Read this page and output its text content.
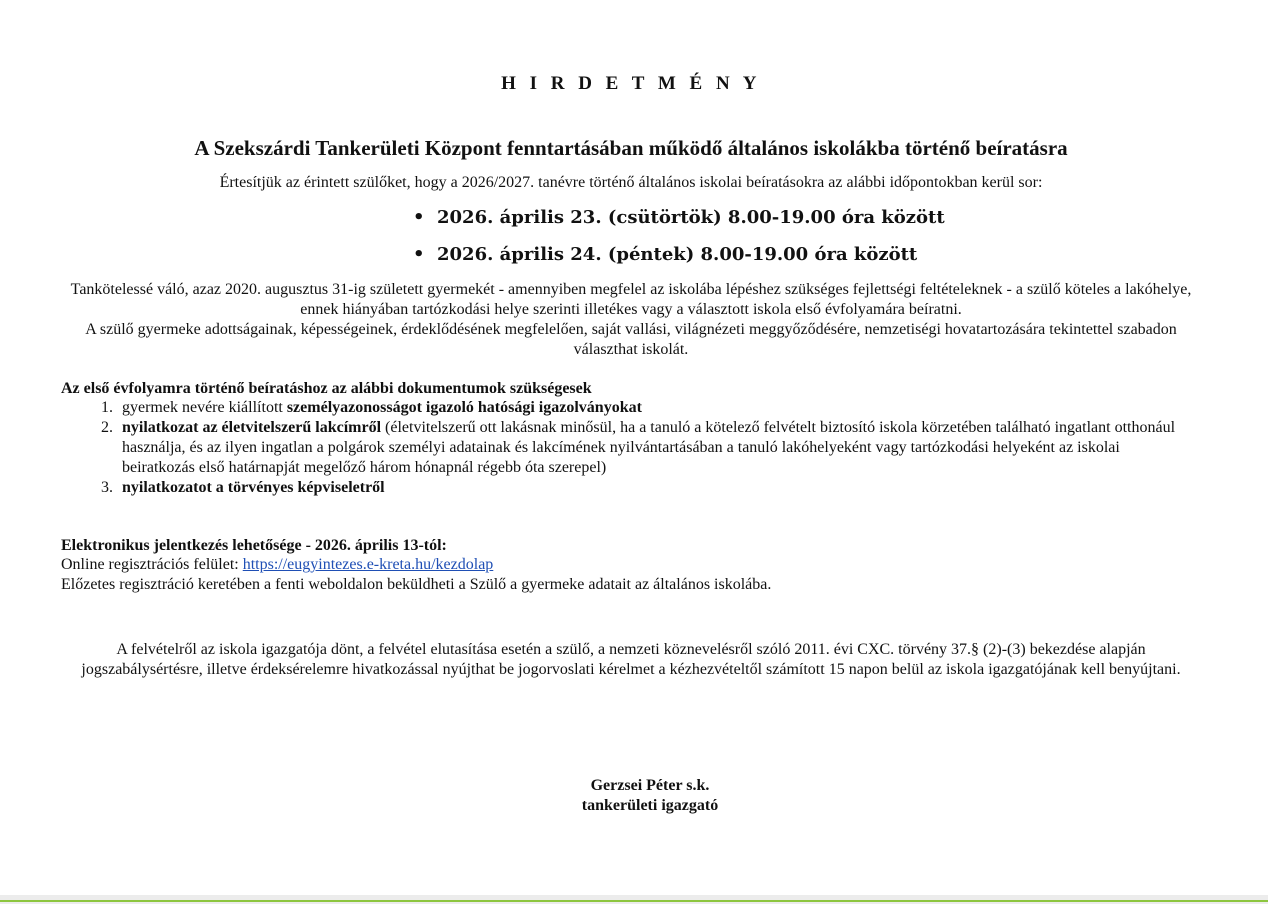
H I R D E T M É N Y
A Szekszárdi Tankerületi Központ fenntartásában működő általános iskolákba történő beíratásra
Értesítjük az érintett szülőket, hogy a 2026/2027. tanévre történő általános iskolai beíratásokra az alábbi időpontokban kerül sor:
• 2026. április 23. (csütörtök) 8.00-19.00 óra között
• 2026. április 24. (péntek) 8.00-19.00 óra között
Tankötelessé váló, azaz 2020. augusztus 31-ig született gyermekét - amennyiben megfelel az iskolába lépéshez szükséges fejlettségi feltételeknek - a szülő köteles a lakóhelye, ennek hiányában tartózkodási helye szerinti illetékes vagy a választott iskola első évfolyamára beíratni.
A szülő gyermeke adottságainak, képességeinek, érdeklődésének megfelelően, saját vallási, világnézeti meggyőződésére, nemzetiségi hovatartozására tekintettel szabadon választhat iskolát.
Az első évfolyamra történő beíratáshoz az alábbi dokumentumok szükségesek
1. gyermek nevére kiállított személyazonosságot igazoló hatósági igazolványokat
2. nyilatkozat az életvitelszerű lakcímről (életvitelszerű ott lakásnak minősül, ha a tanuló a kötelező felvételt biztosító iskola körzetében található ingatlant otthonául használja, és az ilyen ingatlan a polgárok személyi adatainak és lakcímének nyilvántartásában a tanuló lakóhelyeként vagy tartózkodási helyeként az iskolai beiratkozás első határnapját megelőző három hónapnál régebb óta szerepel)
3. nyilatkozatot a törvényes képviseletről
Elektronikus jelentkezés lehetősége - 2026. április 13-tól:
Online regisztrációs felület: https://eugyintezes.e-kreta.hu/kezdolap
Előzetes regisztráció keretében a fenti weboldalon beküldheti a Szülő a gyermeke adatait az általános iskolába.
A felvételről az iskola igazgatója dönt, a felvétel elutasítása esetén a szülő, a nemzeti köznevelésről szóló 2011. évi CXC. törvény 37.§ (2)-(3) bekezdése alapján jogszabálysértésre, illetve érdeksérelemre hivatkozással nyújthat be jogorvoslati kérelmet a kézhezvételtől számított 15 napon belül az iskola igazgatójának kell benyújtani.
Gerzsei Péter s.k.
tankerületi igazgató
